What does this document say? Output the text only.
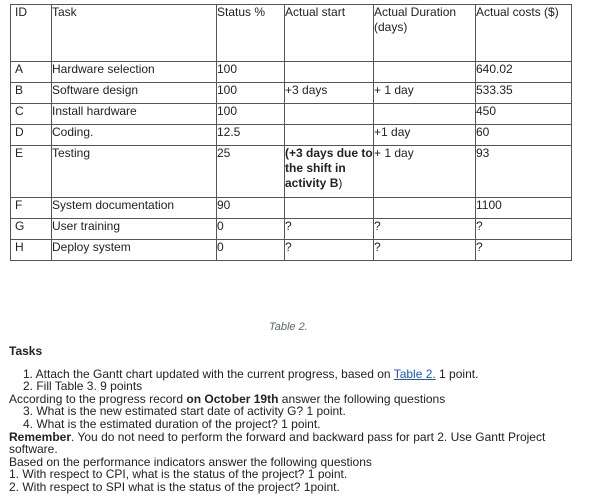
ID	Task	Status %	Actual start	Actual Duration (days)	Actual costs ($)
A	Hardware selection	100			640.02
B	Software design	100	+3 days	+ 1 day	533.35
C	Install hardware	100			450
D	Coding.	12.5		+1 day	60
E	Testing	25	(+3 days due to the shift in activity B)	+ 1 day	93
F	System documentation	90			1100
G	User training	0	?	?	?
H	Deploy system	0	?	?	?
Table 2.
Tasks
1. Attach the Gantt chart updated with the current progress, based on Table 2. 1 point.
2. Fill Table 3. 9 points
According to the progress record on October 19th answer the following questions
3. What is the new estimated start date of activity G? 1 point.
4. What is the estimated duration of the project? 1 point.
Remember. You do not need to perform the forward and backward pass for part 2. Use Gantt Project
software.
Based on the performance indicators answer the following questions
1. With respect to CPI, what is the status of the project? 1 point.
2. With respect to SPI what is the status of the project? 1point.
